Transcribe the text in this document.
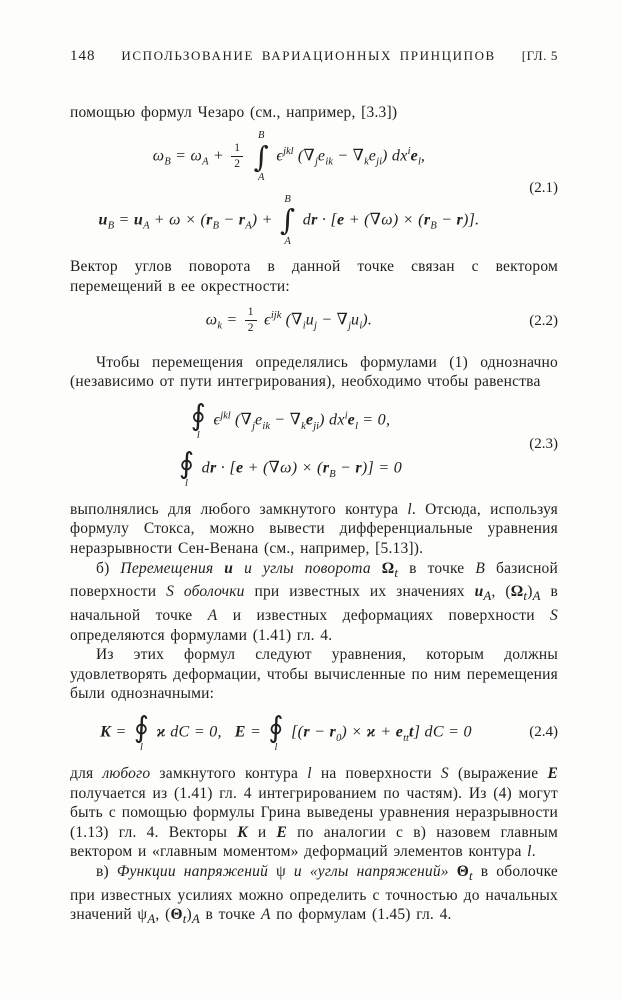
148 ИСПОЛЬЗОВАНИЕ ВАРИАЦИОННЫХ ПРИНЦИПОВ [ГЛ. 5

помощью формул Чезаро (см., например, [3.3])

$\omega_B = \omega_A + \frac{1}{2}$

B
∫
A
$\epsilon^{jkl}$ $(\nabla_je_{ik} - \nabla_ke_{ji})$ $dx^ie_l$,
$u_B = u_A + \omega \times (r_B - r_A)$ +
B
∫
A
dr · $[e + (\nabla\omega) \times (r_B - r)]$.
(2.1)

Вектор углов поворота в данной точке связан с вектором перемещений в ее окрестности:

$\omega_k = \frac{1}{2} \epsilon^{ijk}$ $(\nabla_iu_j - \nabla_ju_i)$.	(2.2)

Чтобы перемещения определялись формулами (1) однозначно (независимо от пути интегрирования), необходимо чтобы равенства

∮
l
$\epsilon^{jkl}$ $(\nabla_je_{ik} - \nabla_ke_{ji}) dx^ie_l = 0$,
∮
l
dr · $[e + (\nabla\omega) \times (r_B - r)] = 0$
(2.3)

выполнялись для любого замкнутого контура l. Отсюда, используя формулу Стокса, можно вывести дифференциальные уравнения неразрывности Сен-Венана (см., например, [5.13]).

б) Перемещения u и углы поворота $\Omega_t$ в точке B базисной поверхности S оболочки при известных их значениях $u_A$, $(\Omega_t)_A$ в начальной точке A и известных деформациях поверхности S определяются формулами (1.41) гл. 4.

Из этих формул следуют уравнения, которым должны удовлетворять деформации, чтобы вычисленные по ним перемещения были однозначными:

K = ∮
l
ϰ dC = 0,   E = ∮
l
$[(r - r_0) \times ϰ + e_{tt}t]$ dC = 0	(2.4)

для любого замкнутого контура l на поверхности S (выражение E получается из (1.41) гл. 4 интегрированием по частям). Из (4) могут быть с помощью формулы Грина выведены уравнения неразрывности (1.13) гл. 4. Векторы K и E по аналогии с в) назовем главным вектором и «главным моментом» деформаций элементов контура l.

в) Функции напряжений ψ и «углы напряжений» $\Theta_t$ в оболочке при известных усилиях можно определить с точностью до начальных значений $\psi_A$, $(\Theta_t)_A$ в точке A по формулам (1.45) гл. 4.
